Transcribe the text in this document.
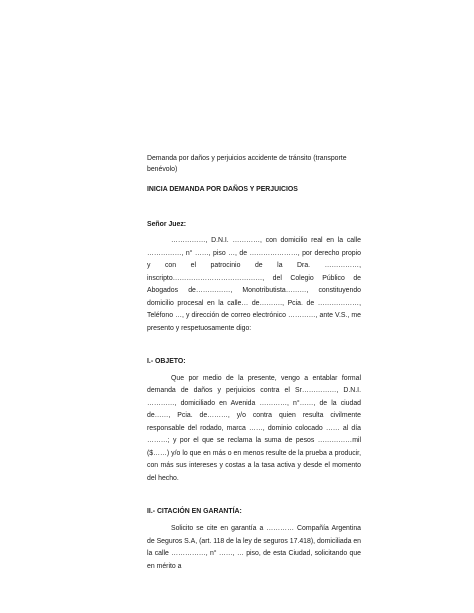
Demanda por daños y perjuicios accidente de tránsito (transporte benévolo)

INICIA DEMANDA POR DAÑOS Y PERJUICIOS

Señor Juez:

……………, D.N.I. …………, con domicilio real en la calle ……………, n° ……, piso …, de …………………, por derecho propio y con el patrocinio de la Dra. ……………, inscripto…………………………………, del Colegio Público de Abogados de……………, Monotributista………, constituyendo domicilio procesal en la calle… de………., Pcia. de ………………, Teléfono …, y dirección de correo electrónico …………, ante V.S., me presento y respetuosamente digo:

I.- OBJETO:

Que por medio de la presente, vengo a entablar formal demanda de daños y perjuicios contra el Sr……………, D.N.I. …………, domiciliado en Avenida …………, n°……, de la ciudad de……, Pcia. de………, y/o contra quien resulta civilmente responsable del rodado, marca ……, dominio colocado …… al día ………; y por el que se reclama la suma de pesos ……………mil ($……) y/o lo que en más o en menos resulte de la prueba a producir, con más sus intereses y costas a la tasa activa y desde el momento del hecho.

II.- CITACIÓN EN GARANTÍA:

Solicito se cite en garantía a ………… Compañía Argentina de Seguros S.A, (art. 118 de la ley de seguros 17.418), domiciliada en la calle ……………, n° ……, … piso, de esta Ciudad, solicitando que en mérito a
